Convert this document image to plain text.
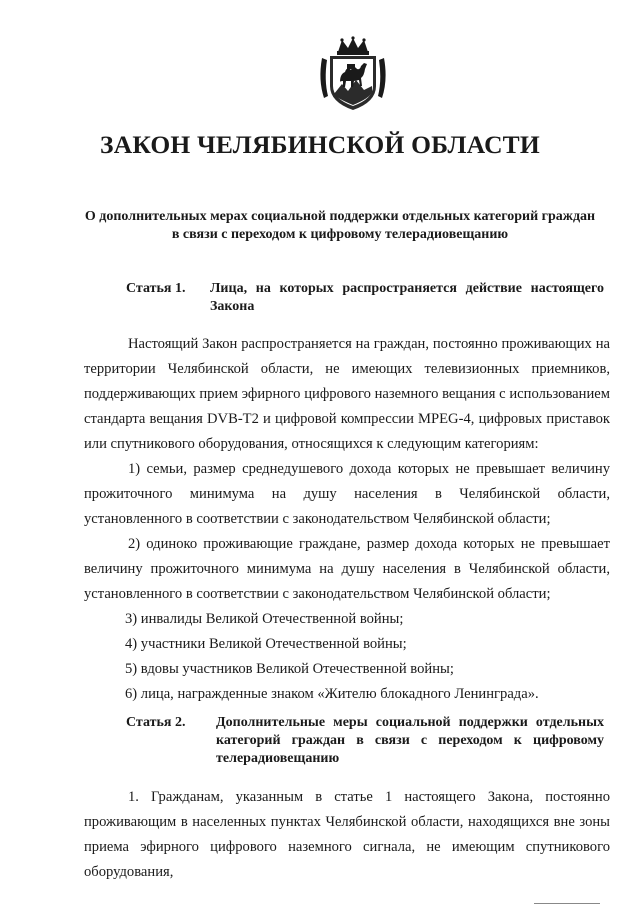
ЗАКОН ЧЕЛЯБИНСКОЙ ОБЛАСТИ
О дополнительных мерах социальной поддержки отдельных категорий граждан
в связи с переходом к цифровому телерадиовещанию
Статья 1. Лица, на которых распространяется действие настоящего Закона

Настоящий Закон распространяется на граждан, постоянно проживающих на территории Челябинской области, не имеющих телевизионных приемников, поддерживающих прием эфирного цифрового наземного вещания с использованием стандарта вещания DVB-T2 и цифровой компрессии MPEG-4, цифровых приставок или спутникового оборудования, относящихся к следующим категориям:

1) семьи, размер среднедушевого дохода которых не превышает величину прожиточного минимума на душу населения в Челябинской области, установленного в соответствии с законодательством Челябинской области;

2) одиноко проживающие граждане, размер дохода которых не превышает величину прожиточного минимума на душу населения в Челябинской области, установленного в соответствии с законодательством Челябинской области;

3) инвалиды Великой Отечественной войны;

4) участники Великой Отечественной войны;

5) вдовы участников Великой Отечественной войны;

6) лица, награжденные знаком «Жителю блокадного Ленинграда».

Статья 2. Дополнительные меры социальной поддержки отдельных категорий граждан в связи с переходом к цифровому телерадиовещанию

1. Гражданам, указанным в статье 1 настоящего Закона, постоянно проживающим в населенных пунктах Челябинской области, находящихся вне зоны приема эфирного цифрового наземного сигнала, не имеющим спутникового оборудования,
